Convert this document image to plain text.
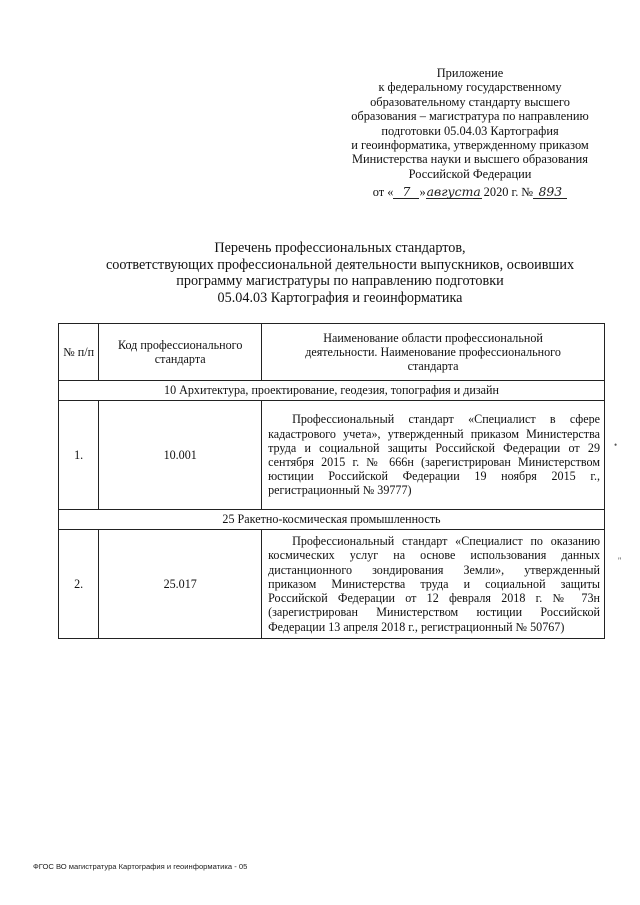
Приложение
к федеральному государственному
образовательному стандарту высшего
образования – магистратура по направлению
подготовки 05.04.03 Картография
и геоинформатика, утвержденному приказом
Министерства науки и высшего образования
Российской Федерации
от « 7 » августа 2020 г. № 893
Перечень профессиональных стандартов,
соответствующих профессиональной деятельности выпускников, освоивших
программу магистратуры по направлению подготовки
05.04.03 Картография и геоинформатика
№ п/п	Код профессионального стандарта	Наименование области профессиональной деятельности. Наименование профессионального стандарта
10 Архитектура, проектирование, геодезия, топография и дизайн		
1.	10.001	Профессиональный стандарт «Специалист в сфере кадастрового учета», утвержденный приказом Министерства труда и социальной защиты Российской Федерации от 29 сентября 2015 г. № 666н (зарегистрирован Министерством юстиции Российской Федерации 19 ноября 2015 г., регистрационный № 39777)

25 Ракетно-космическая промышленность		
2.	25.017	Профессиональный стандарт «Специалист по оказанию космических услуг на основе использования данных дистанционного зондирования Земли», утвержденный приказом Министерства труда и социальной защиты Российской Федерации от 12 февраля 2018 г. № 73н (зарегистрирован Министерством юстиции Российской Федерации 13 апреля 2018 г., регистрационный № 50767)

•
''
ФГОС ВО магистратура Картография и геоинформатика - 05
